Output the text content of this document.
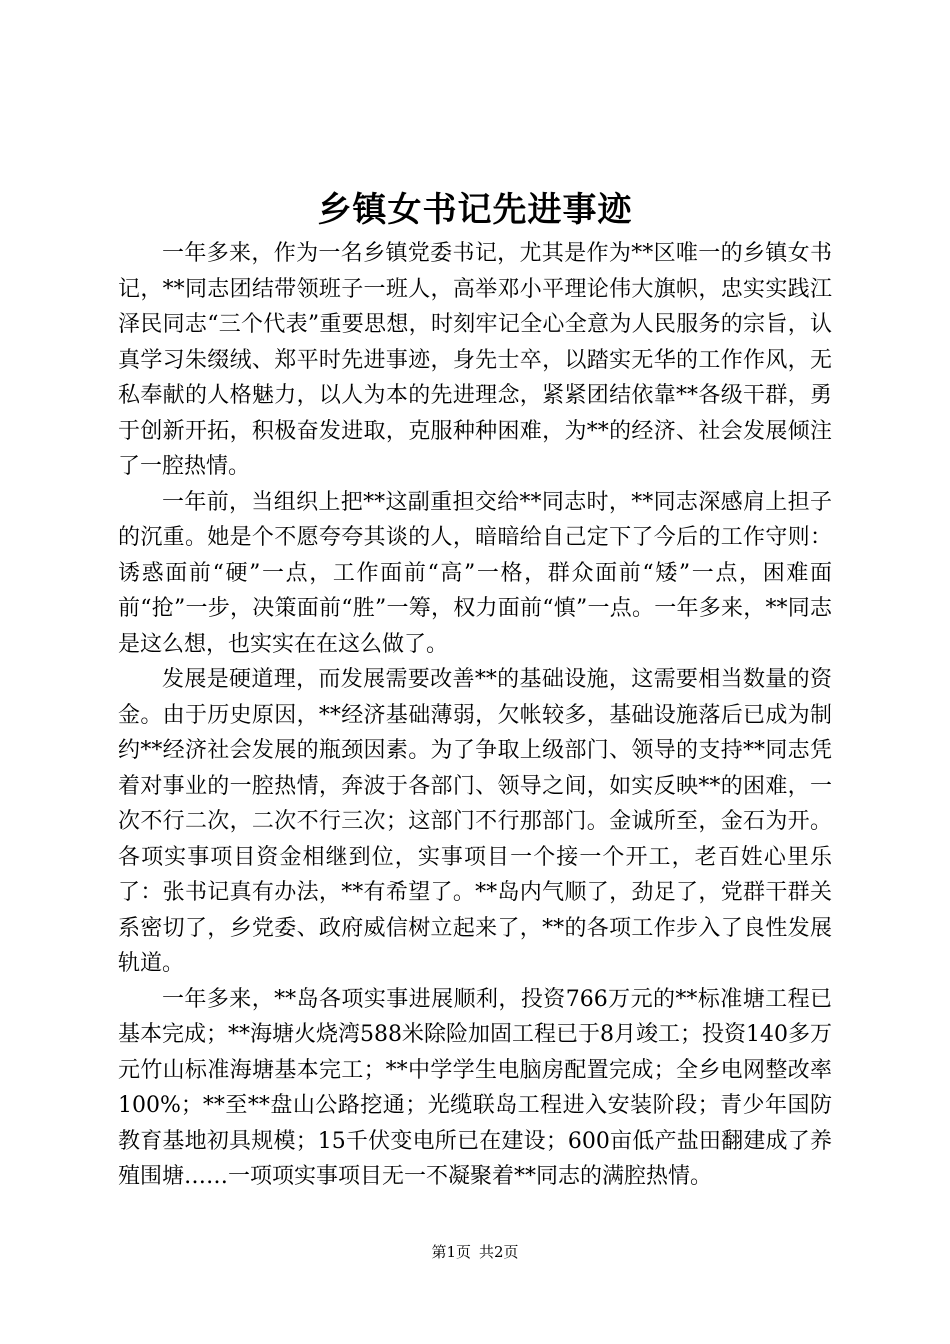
乡镇女书记先进事迹

一年多来，作为一名乡镇党委书记，尤其是作为**区唯一的乡镇女书记，**同志团结带领班子一班人，高举邓小平理论伟大旗帜，忠实实践江泽民同志“三个代表”重要思想，时刻牢记全心全意为人民服务的宗旨，认真学习朱缀绒、郑平时先进事迹，身先士卒，以踏实无华的工作作风，无私奉献的人格魅力，以人为本的先进理念，紧紧团结依靠**各级干群，勇于创新开拓，积极奋发进取，克服种种困难，为**的经济、社会发展倾注了一腔热情。

一年前，当组织上把**这副重担交给**同志时，**同志深感肩上担子的沉重。她是个不愿夸夸其谈的人，暗暗给自己定下了今后的工作守则：诱惑面前“硬”一点，工作面前“高”一格，群众面前“矮”一点，困难面前“抢”一步，决策面前“胜”一筹，权力面前“慎”一点。一年多来，**同志是这么想，也实实在在这么做了。

发展是硬道理，而发展需要改善**的基础设施，这需要相当数量的资金。由于历史原因，**经济基础薄弱，欠帐较多，基础设施落后已成为制约**经济社会发展的瓶颈因素。为了争取上级部门、领导的支持**同志凭着对事业的一腔热情，奔波于各部门、领导之间，如实反映**的困难，一次不行二次，二次不行三次；这部门不行那部门。金诚所至，金石为开。各项实事项目资金相继到位，实事项目一个接一个开工，老百姓心里乐了：张书记真有办法，**有希望了。**岛内气顺了，劲足了，党群干群关系密切了，乡党委、政府威信树立起来了，**的各项工作步入了良性发展轨道。

一年多来，**岛各项实事进展顺利，投资766万元的**标准塘工程已基本完成；**海塘火烧湾588米除险加固工程已于8月竣工；投资140多万元竹山标准海塘基本完工；**中学学生电脑房配置完成；全乡电网整改率100%；**至**盘山公路挖通；光缆联岛工程进入安装阶段；青少年国防教育基地初具规模；15千伏变电所已在建设；600亩低产盐田翻建成了养殖围塘……一项项实事项目无一不凝聚着**同志的满腔热情。

第1页 共2页
